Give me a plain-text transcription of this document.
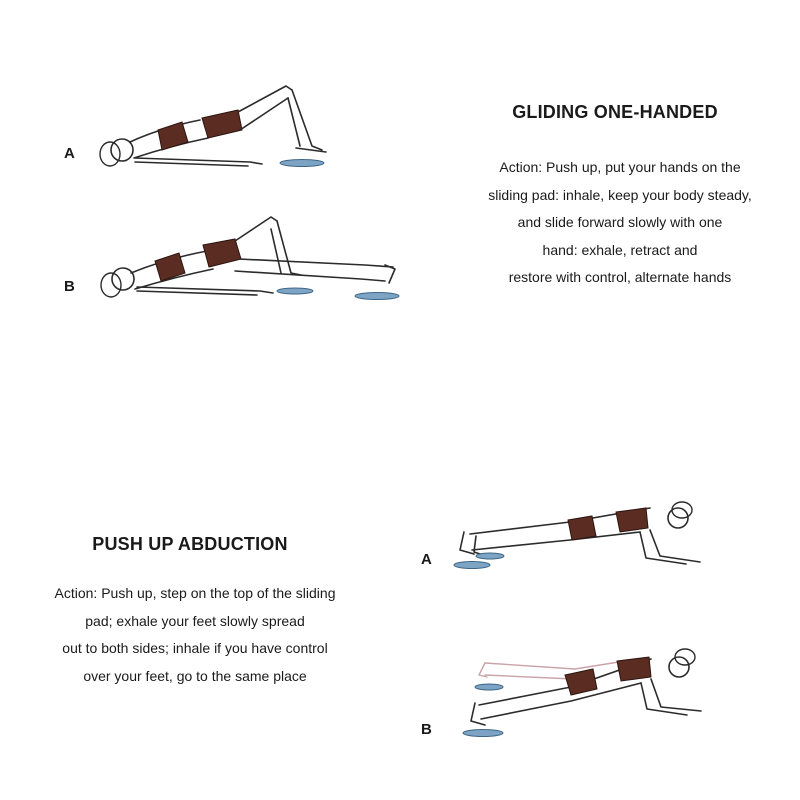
A
B
GLIDING ONE-HANDED
Action: Push up, put your hands on the
sliding pad: inhale, keep your body steady,
and slide forward slowly with one
hand: exhale, retract and
restore with control, alternate hands
PUSH UP ABDUCTION
Action: Push up, step on the top of the sliding
pad; exhale your feet slowly spread
out to both sides; inhale if you have control
over your feet, go to the same place
A
B
